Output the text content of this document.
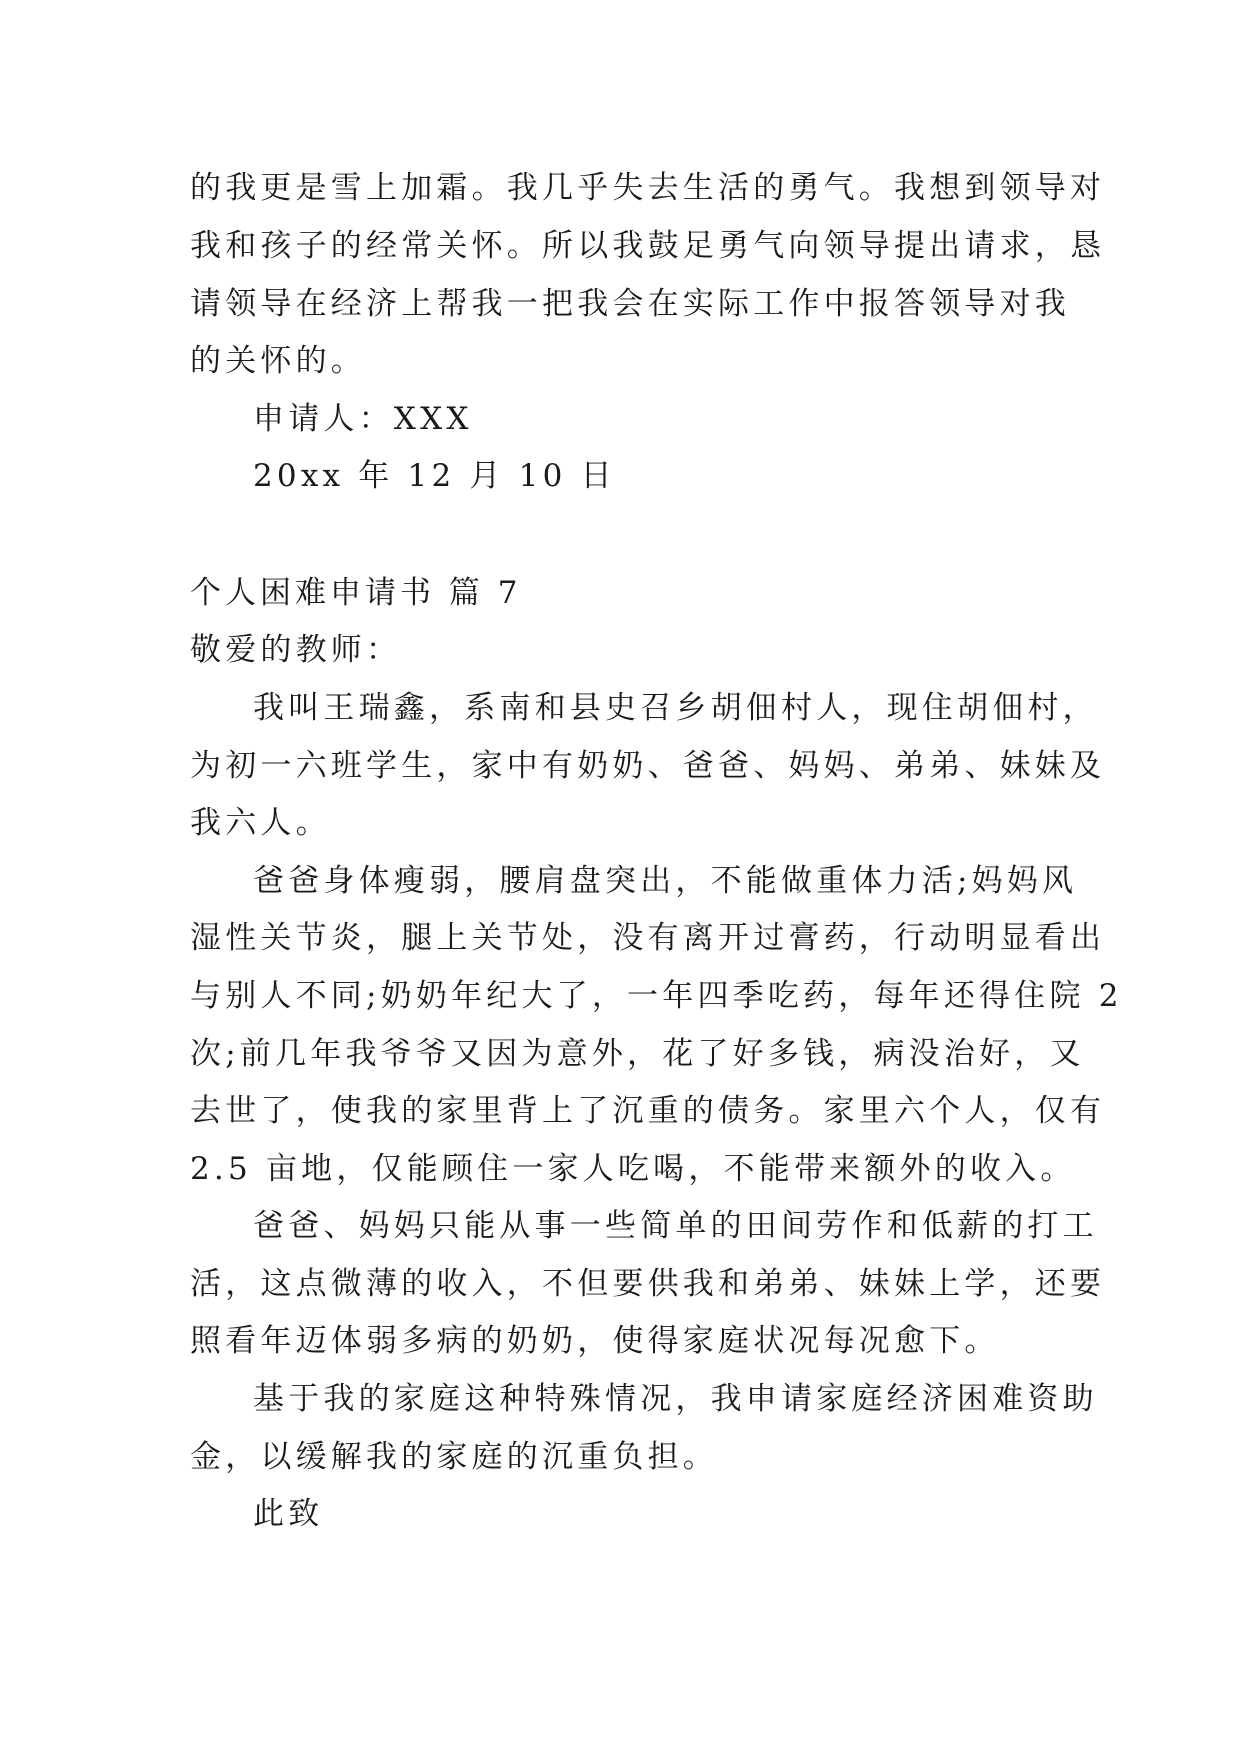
的我更是雪上加霜。我几乎失去生活的勇气。我想到领导对
我和孩子的经常关怀。所以我鼓足勇气向领导提出请求，恳
请领导在经济上帮我一把我会在实际工作中报答领导对我
的关怀的。
申请人：XXX
20xx 年 12 月 10 日
个人困难申请书 篇 7
敬爱的教师：
我叫王瑞鑫，系南和县史召乡胡佃村人，现住胡佃村，
为初一六班学生，家中有奶奶、爸爸、妈妈、弟弟、妹妹及
我六人。
爸爸身体瘦弱，腰肩盘突出，不能做重体力活;妈妈风
湿性关节炎，腿上关节处，没有离开过膏药，行动明显看出
与别人不同;奶奶年纪大了，一年四季吃药，每年还得住院 2
次;前几年我爷爷又因为意外，花了好多钱，病没治好，又
去世了，使我的家里背上了沉重的债务。家里六个人，仅有
2.5 亩地，仅能顾住一家人吃喝，不能带来额外的收入。
爸爸、妈妈只能从事一些简单的田间劳作和低薪的打工
活，这点微薄的收入，不但要供我和弟弟、妹妹上学，还要
照看年迈体弱多病的奶奶，使得家庭状况每况愈下。
基于我的家庭这种特殊情况，我申请家庭经济困难资助
金，以缓解我的家庭的沉重负担。
此致
